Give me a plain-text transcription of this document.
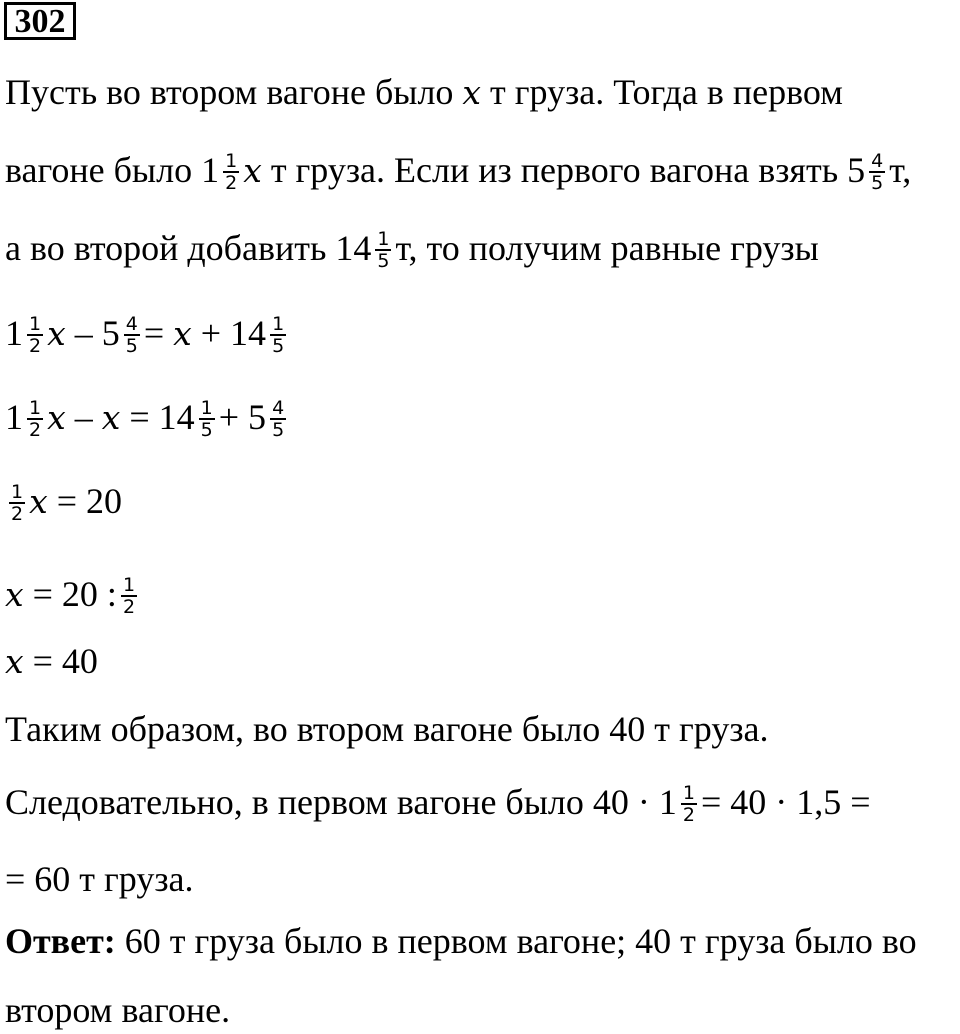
302
Пусть во втором вагоне было x т груза. Тогда в первом
вагоне было $1 \frac{1}{2}$ x т груза. Если из первого вагона взять $5 \frac{4}{5} т$,
а во второй добавить $14 \frac{1}{5} т$, то получим равные грузы
$1 \frac{1}{2}$ $x - 5 \frac{4}{5} = x + 14 \frac{1}{5}$
$1 \frac{1}{2}$ $x - x = 14 \frac{1}{5} + 5 \frac{4}{5}$
$\frac{1}{2}$ x = 20
x = 20 : $\frac{1}{2}$
x = 40
Таким образом, во втором вагоне было 40 т груза.
Следовательно, в первом вагоне было $40 \cdot 1 \frac{1}{2} = 40 \cdot 1,5$ =
= 60 т груза.
Ответ: 60 т груза было в первом вагоне; 40 т груза было во
втором вагоне.
